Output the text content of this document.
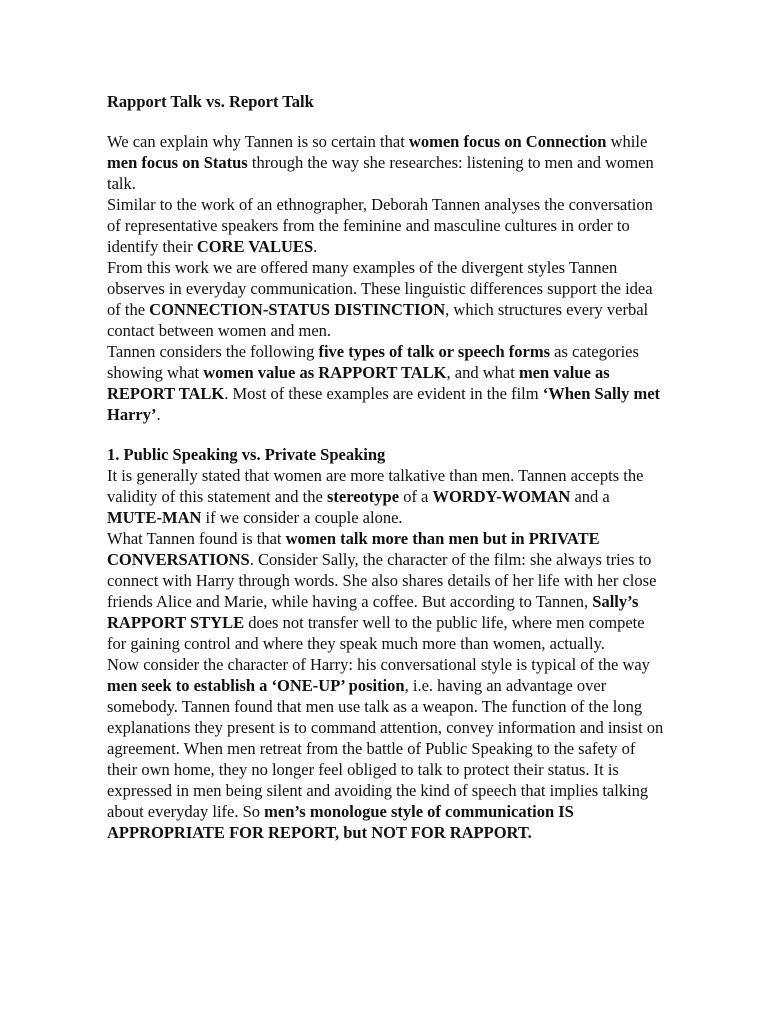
Rapport Talk vs. Report Talk

We can explain why Tannen is so certain that women focus on Connection while men focus on Status through the way she researches: listening to men and women talk.

Similar to the work of an ethnographer, Deborah Tannen analyses the conversation of representative speakers from the feminine and masculine cultures in order to identify their CORE VALUES.

From this work we are offered many examples of the divergent styles Tannen observes in everyday communication. These linguistic differences support the idea of the CONNECTION-STATUS DISTINCTION, which structures every verbal contact between women and men.

Tannen considers the following five types of talk or speech forms as categories showing what women value as RAPPORT TALK, and what men value as REPORT TALK. Most of these examples are evident in the film ‘When Sally met Harry’.

1. Public Speaking vs. Private Speaking

It is generally stated that women are more talkative than men. Tannen accepts the validity of this statement and the stereotype of a WORDY-WOMAN and a MUTE-MAN if we consider a couple alone.

What Tannen found is that women talk more than men but in PRIVATE CONVERSATIONS. Consider Sally, the character of the film: she always tries to connect with Harry through words. She also shares details of her life with her close friends Alice and Marie, while having a coffee. But according to Tannen, Sally’s RAPPORT STYLE does not transfer well to the public life, where men compete for gaining control and where they speak much more than women, actually.

Now consider the character of Harry: his conversational style is typical of the way men seek to establish a ‘ONE-UP’ position, i.e. having an advantage over somebody. Tannen found that men use talk as a weapon. The function of the long explanations they present is to command attention, convey information and insist on agreement. When men retreat from the battle of Public Speaking to the safety of their own home, they no longer feel obliged to talk to protect their status. It is expressed in men being silent and avoiding the kind of speech that implies talking about everyday life. So men’s monologue style of communication IS APPROPRIATE FOR REPORT, but NOT FOR RAPPORT.
